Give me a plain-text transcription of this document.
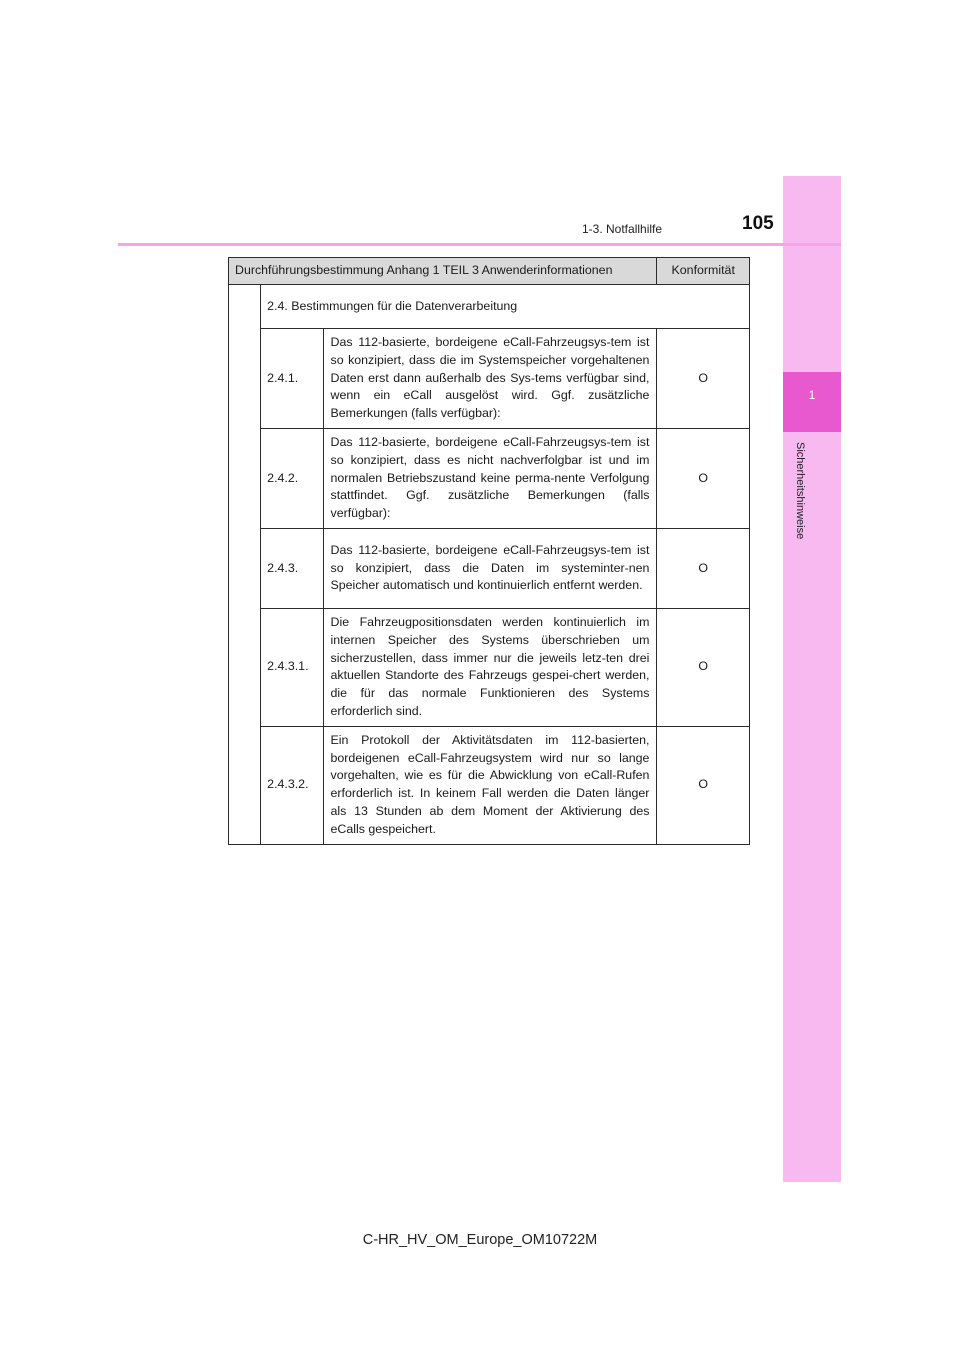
1
Sicherheitshinweise
1-3. Notfallhilfe	105
Durchführungsbestimmung Anhang 1 TEIL 3 Anwenderinformationen			Konformität
	2.4. Bestimmungen für die Datenverarbeitung		
	2.4.1.	Das 112-basierte, bordeigene eCall-Fahrzeugsys-tem ist so konzipiert, dass die im Systemspeicher vorgehaltenen Daten erst dann außerhalb des Sys-tems verfügbar sind, wenn ein eCall ausgelöst wird. Ggf. zusätzliche Bemerkungen (falls verfügbar):	O
	2.4.2.	Das 112-basierte, bordeigene eCall-Fahrzeugsys-tem ist so konzipiert, dass es nicht nachverfolgbar ist und im normalen Betriebszustand keine perma-nente Verfolgung stattfindet. Ggf. zusätzliche Bemerkungen (falls verfügbar):	O
	2.4.3.	Das 112-basierte, bordeigene eCall-Fahrzeugsys-tem ist so konzipiert, dass die Daten im systeminter-nen Speicher automatisch und kontinuierlich entfernt werden.	O
	2.4.3.1.	Die Fahrzeugpositionsdaten werden kontinuierlich im internen Speicher des Systems überschrieben um sicherzustellen, dass immer nur die jeweils letz-ten drei aktuellen Standorte des Fahrzeugs gespei-chert werden, die für das normale Funktionieren des Systems erforderlich sind.	O
	2.4.3.2.	Ein Protokoll der Aktivitätsdaten im 112-basierten, bordeigenen eCall-Fahrzeugsystem wird nur so lange vorgehalten, wie es für die Abwicklung von eCall-Rufen erforderlich ist. In keinem Fall werden die Daten länger als 13 Stunden ab dem Moment der Aktivierung des eCalls gespeichert.	O
C-HR_HV_OM_Europe_OM10722M
